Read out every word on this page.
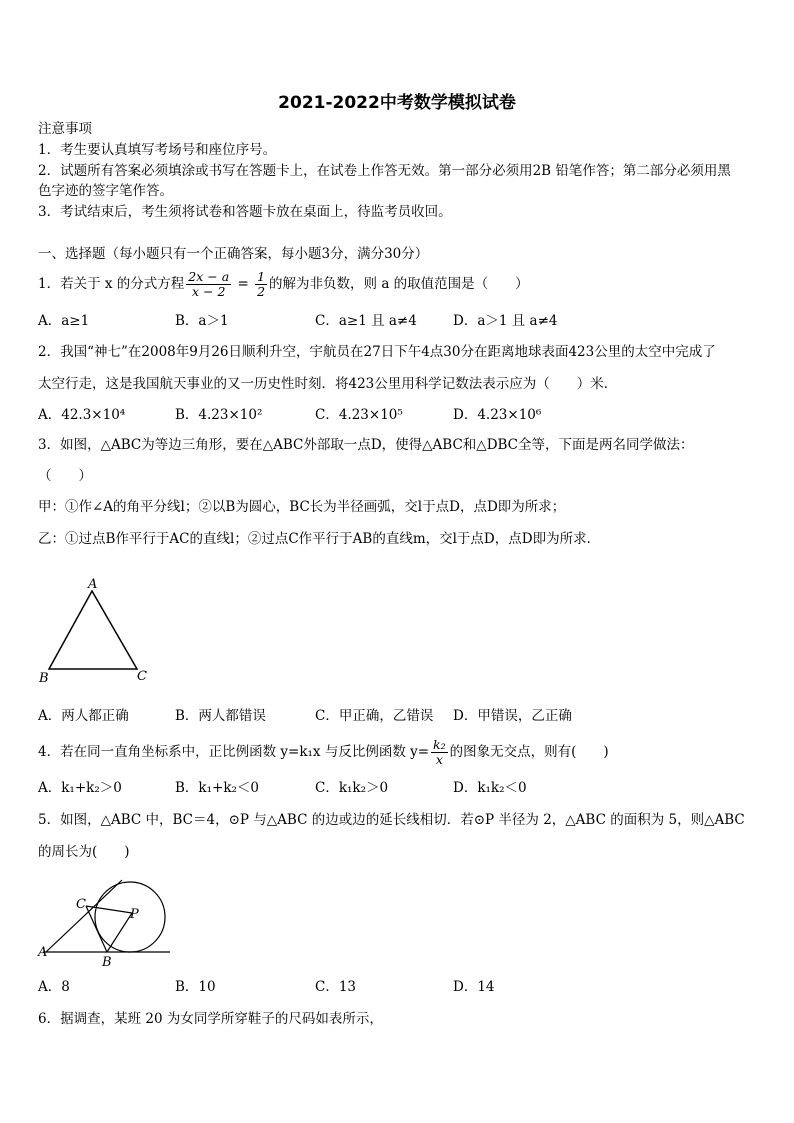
2021-2022中考数学模拟试卷
注意事项
1．考生要认真填写考场号和座位序号。
2．试题所有答案必须填涂或书写在答题卡上，在试卷上作答无效。第一部分必须用2B 铅笔作答；第二部分必须用黑
色字迹的签字笔作答。
3．考试结束后，考生须将试卷和答题卡放在桌面上，待监考员收回。
一、选择题（每小题只有一个正确答案，每小题3分，满分30分）
1．若关于 x 的分式方程 $\frac{2x - a}{x - 2} = \frac{1}{2}$ 的解为非负数，则 a 的取值范围是（　　）
A．a≥1	B．a＞1	C．a≥1 且 a≠4	D．a＞1 且 a≠4
2．我国“神七”在2008年9月26日顺利升空，宇航员在27日下午4点30分在距离地球表面423公里的太空中完成了
太空行走，这是我国航天事业的又一历史性时刻．将423公里用科学记数法表示应为（　　）米．
A．42.3×10⁴	B．4.23×10²	C．4.23×10⁵	D．4.23×10⁶
3．如图，△ABC为等边三角形，要在△ABC外部取一点D，使得△ABC和△DBC全等，下面是两名同学做法：
（　　）
甲：①作∠A的角平分线l；②以B为圆心，BC长为半径画弧，交l于点D，点D即为所求；
乙：①过点B作平行于AC的直线l；②过点C作平行于AB的直线m，交l于点D，点D即为所求．
A
B	C
A．两人都正确	B．两人都错误	C．甲正确，乙错误 D．甲错误，乙正确
4．若在同一直角坐标系中，正比例函数 y=k₁x 与反比例函数 $y= \frac{\text{k₂}}{x}$ 的图象无交点，则有(　　)
A．k₁+k₂＞0	B．k₁+k₂＜0	C．k₁k₂＞0	D．k₁k₂＜0
5．如图，△ABC 中，BC＝4，⊙P 与△ABC 的边或边的延长线相切．若⊙P 半径为 2，△ABC 的面积为 5，则△ABC
的周长为(　　)
C
P
A
B
A．8	B．10	C．13	D．14
6．据调查，某班 20 为女同学所穿鞋子的尺码如表所示，
